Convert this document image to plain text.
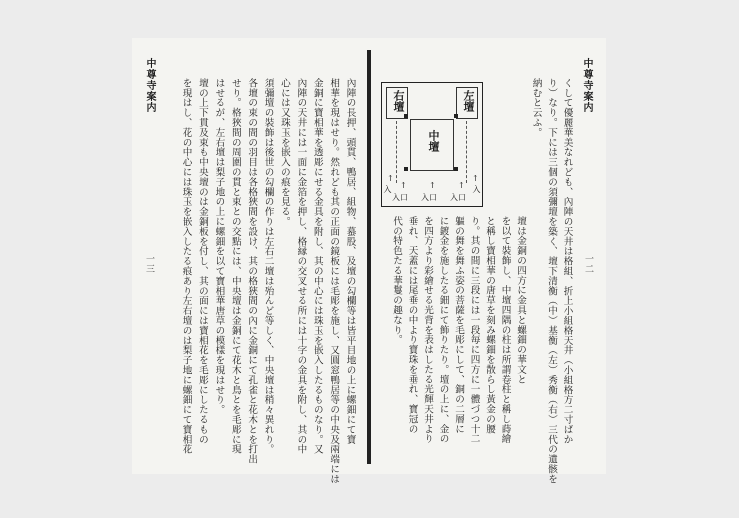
中尊寺案内
一三	內陣の長押、頭貫、鴨居、組物、蟇股、及壇の勾欄等は皆平目地の上に螺鈿にて寶
相華を現はせり。然れども其の正面の鏡板には毛彫を施し、又圓窓鴨居等の中央及兩端には
金銅に寶相華を透彫にせる金具を附し、其の中心には珠玉を嵌入したるものなり。又
內陣の天井には一面に金箔を押し、格縁の交叉せる所には十字の金具を附し、其の中
心には又珠玉を嵌入の痕を見る。
須彌壇の裝飾は後世の勾欄の作りは左右二壇は殆んど等しく、中央壇は稍々異れり。
各壇の束の間の羽目は各格狹間を設け、其の格狹間の內に金銅にて孔雀と花木とを打出
せり。格狹間の周圍の貫と束との交點には、中央壇は金銅にて花木と鳥とを毛彫に現
はせるが、左右壇は梨子地の上に螺鈿を以て寶相華唐草の模樣を現はせり。
壇の上下貫及束も中央壇のは金銅板を付し、其の面には寶相花を毛彫にしたるもの
を現はし、花の中心には珠玉を嵌入したる痕あり左右壇のは梨子地に螺鈿にて寶相花	中尊寺案内
一二
くして優麗華美なれども、內陣の天井は格組、折上小組格天井（小組格方二寸ばか
り）なり。下には三個の須彌壇を築く、壇下清衡（中）基衡（左）秀衡（右）三代の遺骸を
納むと云ふ。
壇は金銅の四方に金具と螺鈿の華文と
を以て裝飾し、中壇四隅の柱は所謂卷柱と稱し蒔繪
と稱し寶相華の唐草を刻み螺鈿を散らし黃金の腰
り。其の間に三段には一段毎に四方に一體づつ十二
軀の舞を舞ふ姿の菩薩を毛彫にして、銅の二層に
に鍍金を施したる鈿にて飾りたり。壇の上に、金の
を四方より彩繪せる光背を表はしたる光輝天井より
垂れ、天蓋には尾垂の中より寶珠を垂れ、寶冠の
代の特色たる華鬘の趣なり。
右壇	左壇
中壇
↑
入
↑
入
↑	↑	↑
入口 入口 入口
